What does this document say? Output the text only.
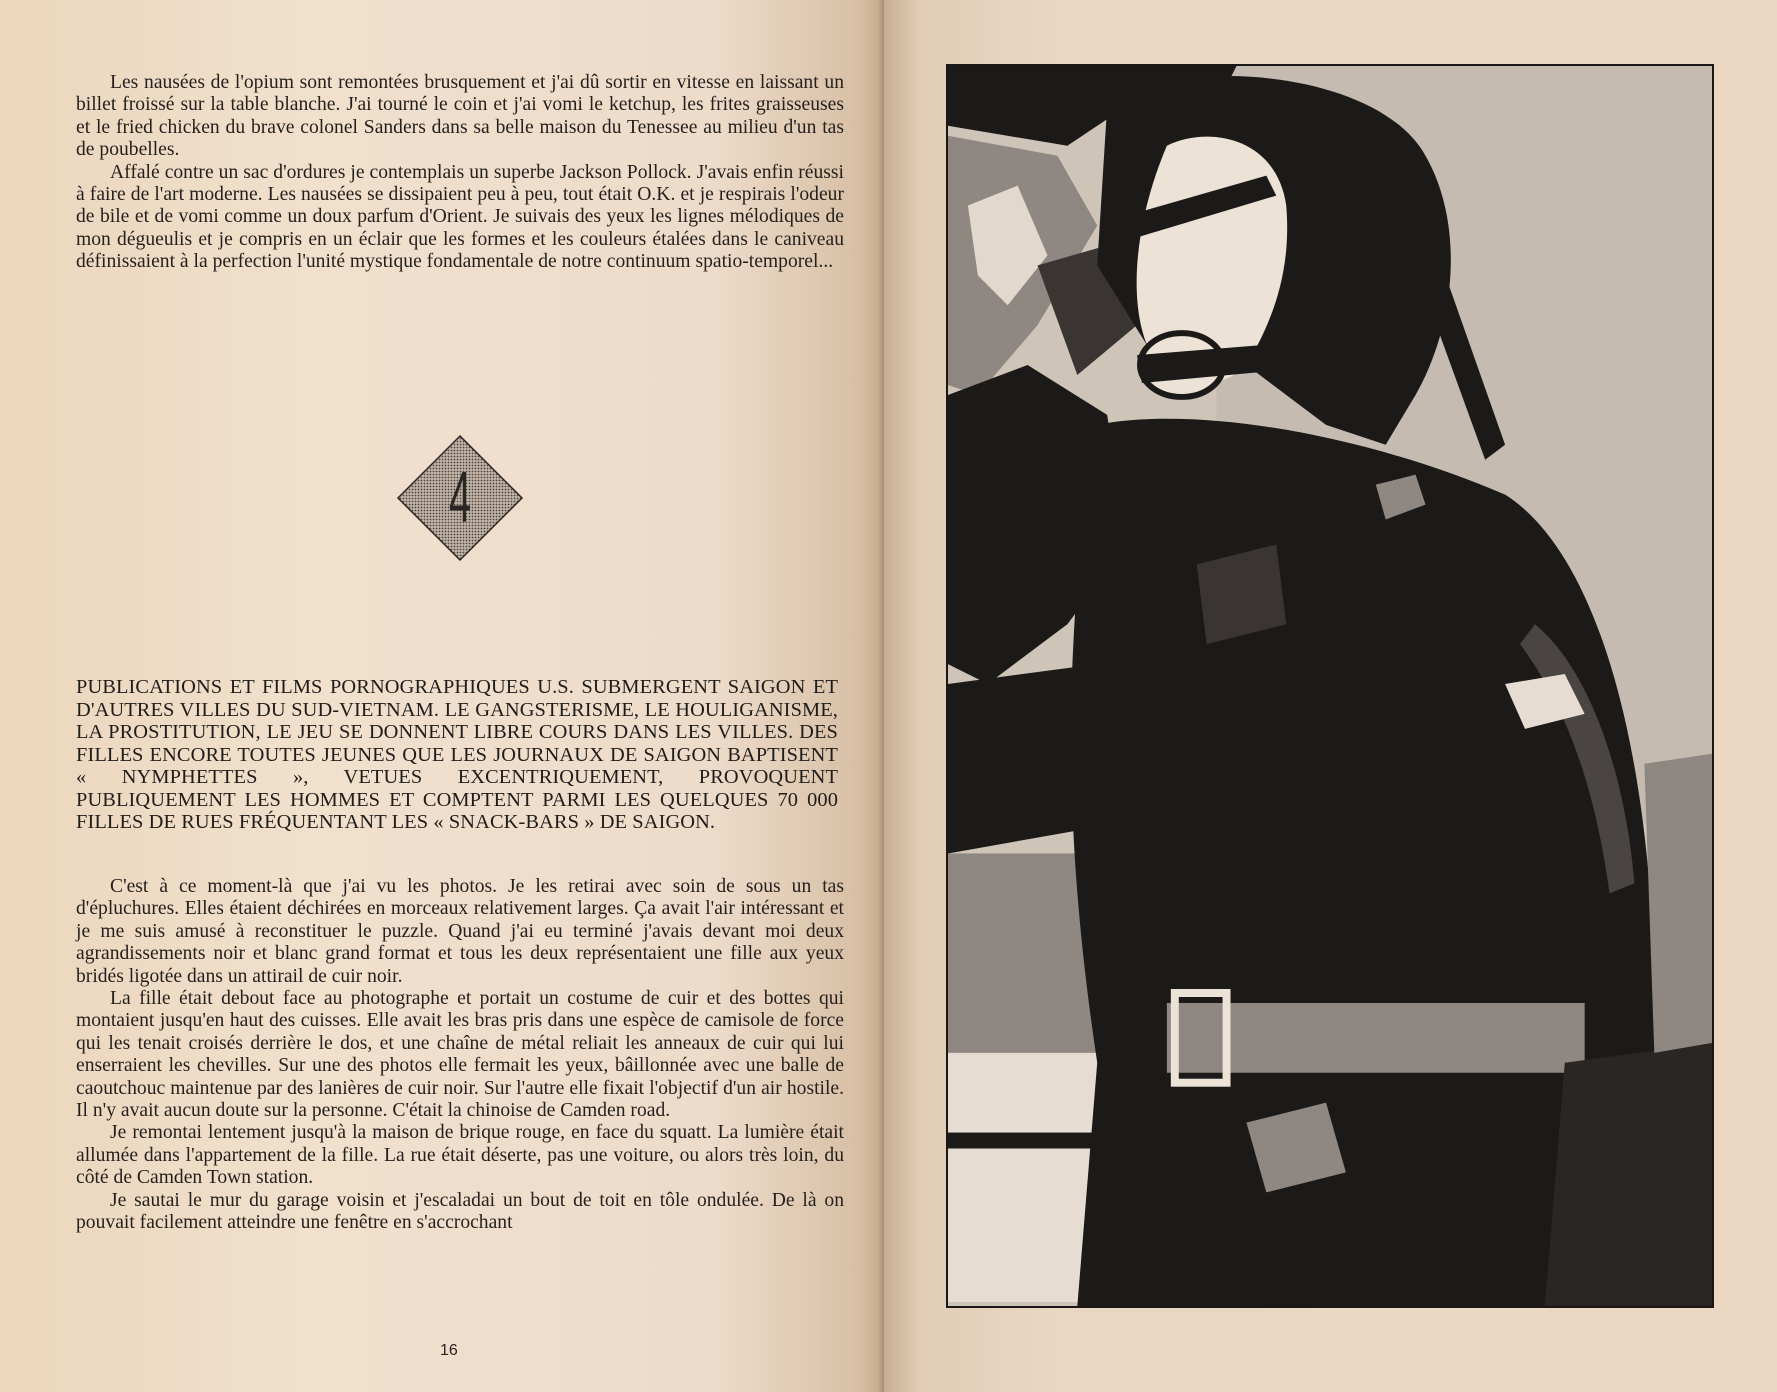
Les nausées de l'opium sont remontées brusquement et j'ai dû sortir en vitesse en laissant un billet froissé sur la table blanche. J'ai tourné le coin et j'ai vomi le ketchup, les frites graisseuses et le fried chicken du brave colonel Sanders dans sa belle maison du Tenessee au milieu d'un tas de poubelles.

Affalé contre un sac d'ordures je contemplais un superbe Jackson Pollock. J'avais enfin réussi à faire de l'art moderne. Les nausées se dissipaient peu à peu, tout était O.K. et je respirais l'odeur de bile et de vomi comme un doux parfum d'Orient. Je suivais des yeux les lignes mélodiques de mon dégueulis et je compris en un éclair que les formes et les couleurs étalées dans le caniveau définissaient à la perfection l'unité mystique fondamentale de notre continuum spatio-temporel...

4

PUBLICATIONS ET FILMS PORNOGRAPHIQUES U.S. SUBMERGENT SAIGON ET D'AUTRES VILLES DU SUD-VIETNAM. LE GANGSTERISME, LE HOULIGANISME, LA PROSTITUTION, LE JEU SE DONNENT LIBRE COURS DANS LES VILLES. DES FILLES ENCORE TOUTES JEUNES QUE LES JOURNAUX DE SAIGON BAPTISENT « NYMPHETTES », VETUES EXCENTRIQUEMENT, PROVOQUENT PUBLIQUEMENT LES HOMMES ET COMPTENT PARMI LES QUELQUES 70 000 FILLES DE RUES FRÉQUENTANT LES « SNACK-BARS » DE SAIGON.

C'est à ce moment-là que j'ai vu les photos. Je les retirai avec soin de sous un tas d'épluchures. Elles étaient déchirées en morceaux relativement larges. Ça avait l'air intéressant et je me suis amusé à reconstituer le puzzle. Quand j'ai eu terminé j'avais devant moi deux agrandissements noir et blanc grand format et tous les deux représentaient une fille aux yeux bridés ligotée dans un attirail de cuir noir.

La fille était debout face au photographe et portait un costume de cuir et des bottes qui montaient jusqu'en haut des cuisses. Elle avait les bras pris dans une espèce de camisole de force qui les tenait croisés derrière le dos, et une chaîne de métal reliait les anneaux de cuir qui lui enserraient les chevilles. Sur une des photos elle fermait les yeux, bâillonnée avec une balle de caoutchouc maintenue par des lanières de cuir noir. Sur l'autre elle fixait l'objectif d'un air hostile. Il n'y avait aucun doute sur la personne. C'était la chinoise de Camden road.

Je remontai lentement jusqu'à la maison de brique rouge, en face du squatt. La lumière était allumée dans l'appartement de la fille. La rue était déserte, pas une voiture, ou alors très loin, du côté de Camden Town station.

Je sautai le mur du garage voisin et j'escaladai un bout de toit en tôle ondulée. De là on pouvait facilement atteindre une fenêtre en s'accrochant

16
